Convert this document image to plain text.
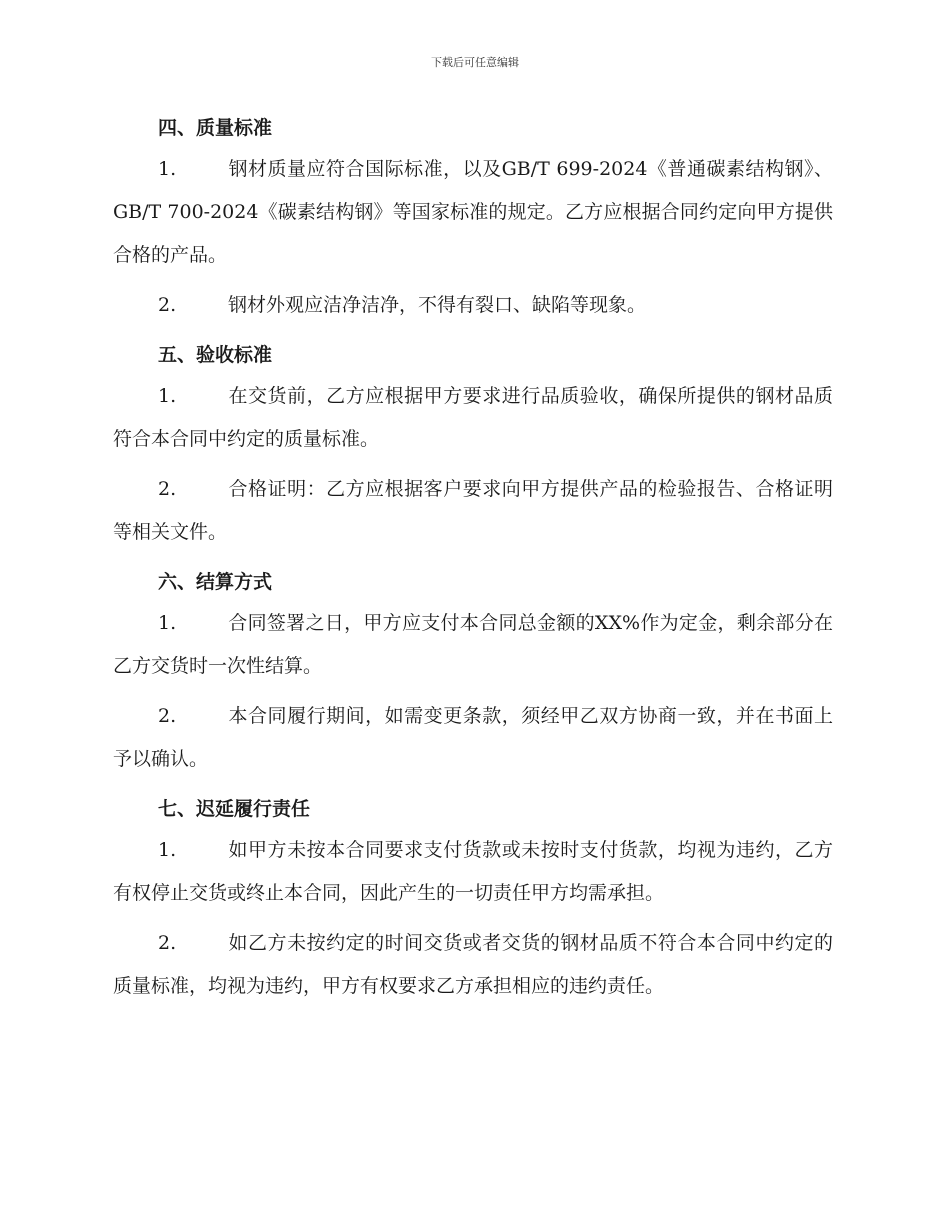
下载后可任意编辑
四、质量标准

1.	钢材质量应符合国际标准，以及GB/T 699-2024《普通碳素结构钢》、GB/T 700-2024《碳素结构钢》等国家标准的规定。乙方应根据合同约定向甲方提供合格的产品。

2.	钢材外观应洁净洁净，不得有裂口、缺陷等现象。

五、验收标准

1.	在交货前，乙方应根据甲方要求进行品质验收，确保所提供的钢材品质符合本合同中约定的质量标准。

2.	合格证明：乙方应根据客户要求向甲方提供产品的检验报告、合格证明等相关文件。

六、结算方式

1.	合同签署之日，甲方应支付本合同总金额的XX%作为定金，剩余部分在乙方交货时一次性结算。

2.	本合同履行期间，如需变更条款，须经甲乙双方协商一致，并在书面上予以确认。

七、迟延履行责任

1.	如甲方未按本合同要求支付货款或未按时支付货款，均视为违约，乙方有权停止交货或终止本合同，因此产生的一切责任甲方均需承担。

2.	如乙方未按约定的时间交货或者交货的钢材品质不符合本合同中约定的质量标准，均视为违约，甲方有权要求乙方承担相应的违约责任。
